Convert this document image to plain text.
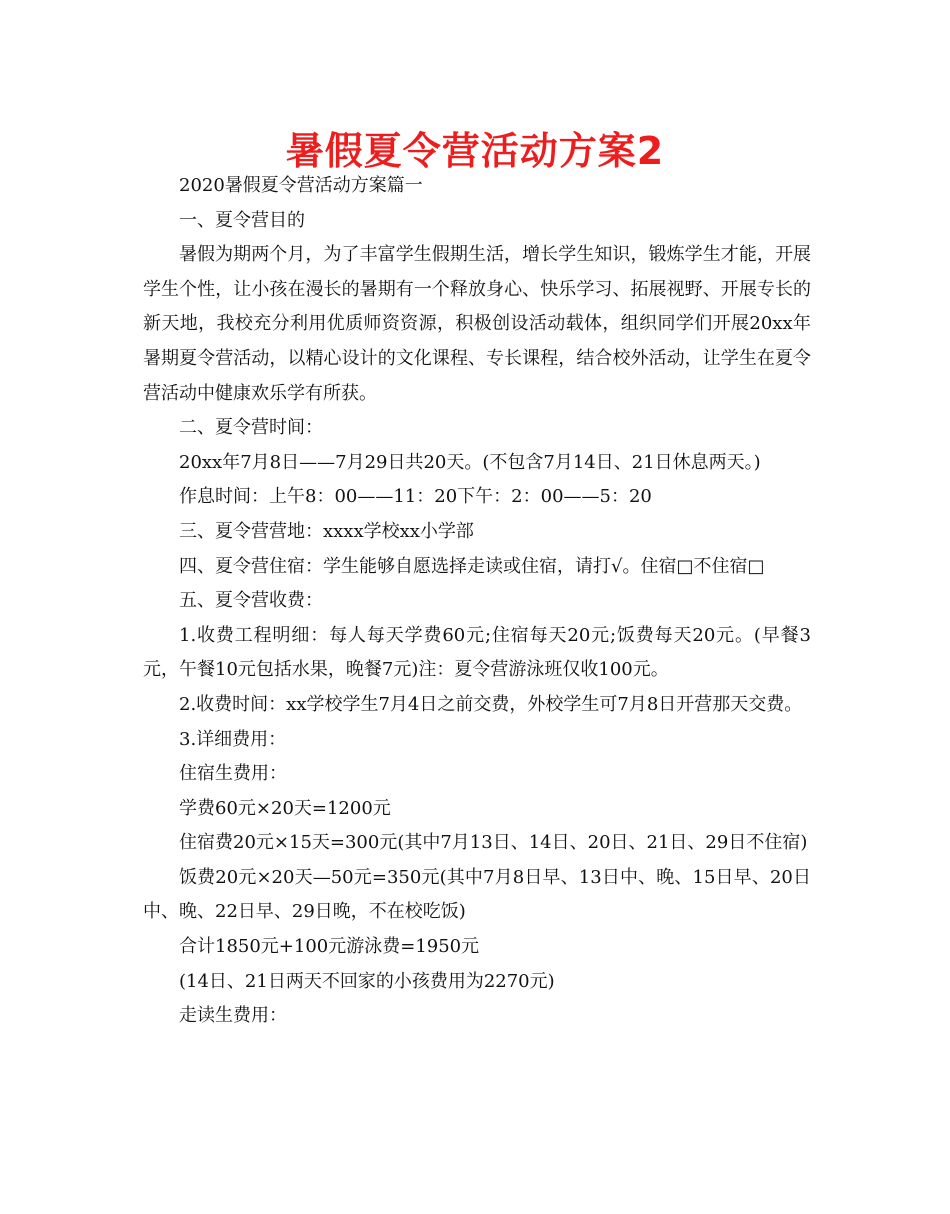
暑假夏令营活动方案2

2020暑假夏令营活动方案篇一

一、夏令营目的

暑假为期两个月，为了丰富学生假期生活，增长学生知识，锻炼学生才能，开展学生个性，让小孩在漫长的暑期有一个释放身心、快乐学习、拓展视野、开展专长的新天地，我校充分利用优质师资资源，积极创设活动载体，组织同学们开展20xx年暑期夏令营活动，以精心设计的文化课程、专长课程，结合校外活动，让学生在夏令营活动中健康欢乐学有所获。

二、夏令营时间：

20xx年7月8日——7月29日共20天。(不包含7月14日、21日休息两天。)

作息时间：上午8：00——11：20下午：2：00——5：20

三、夏令营营地：xxxx学校xx小学部

四、夏令营住宿：学生能够自愿选择走读或住宿，请打√。住宿□不住宿□

五、夏令营收费：

1.收费工程明细：每人每天学费60元;住宿每天20元;饭费每天20元。(早餐3元，午餐10元包括水果，晚餐7元)注：夏令营游泳班仅收100元。

2.收费时间：xx学校学生7月4日之前交费，外校学生可7月8日开营那天交费。

3.详细费用：

住宿生费用：

学费60元×20天=1200元

住宿费20元×15天=300元(其中7月13日、14日、20日、21日、29日不住宿)

饭费20元×20天—50元=350元(其中7月8日早、13日中、晚、15日早、20日中、晚、22日早、29日晚，不在校吃饭)

合计1850元+100元游泳费=1950元

(14日、21日两天不回家的小孩费用为2270元)

走读生费用：
